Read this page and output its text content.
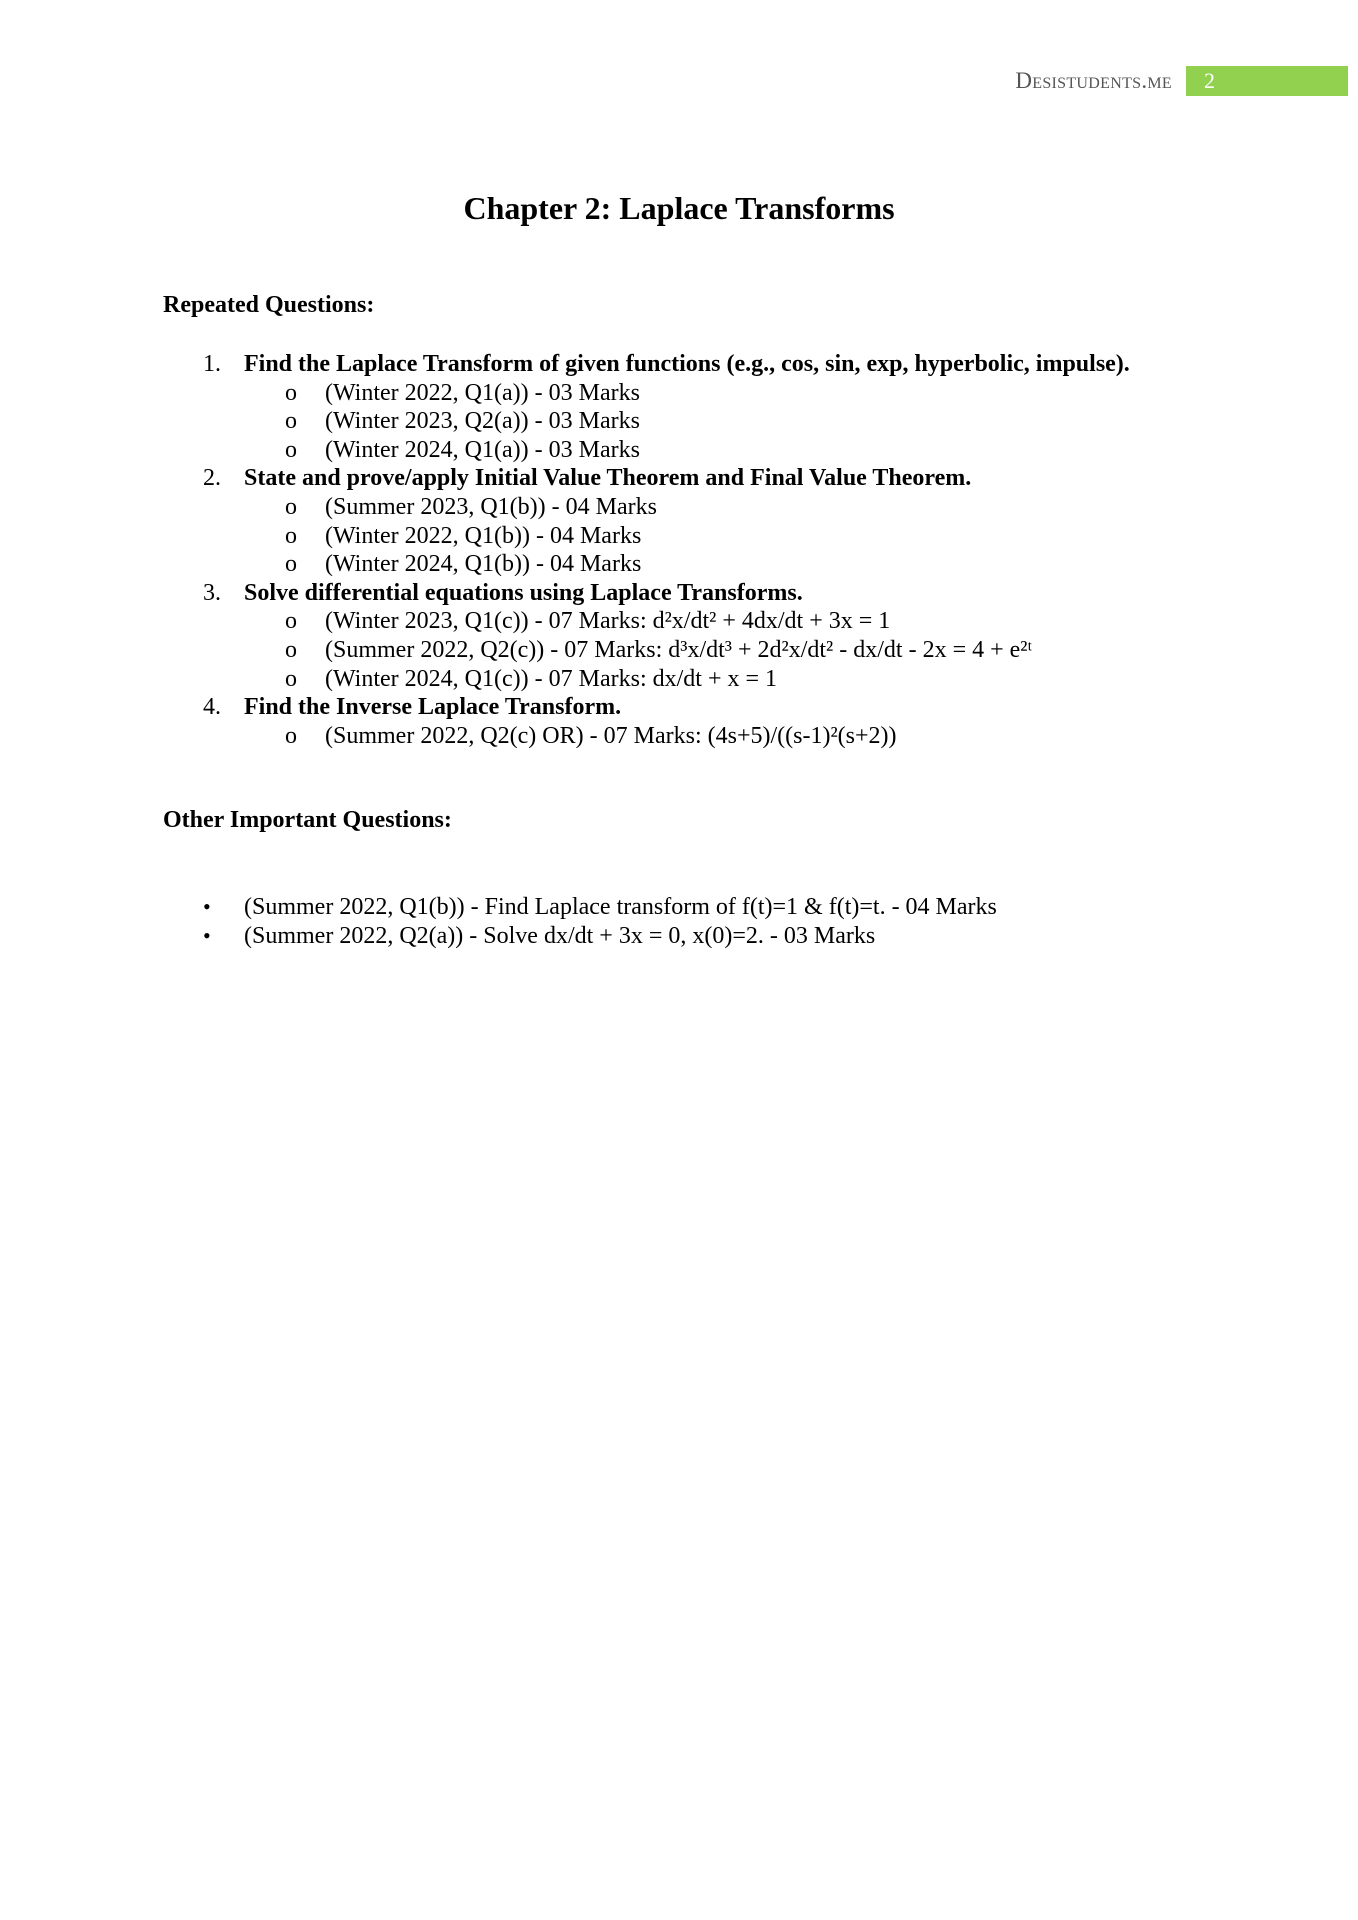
Desistudents.me	2
Chapter 2: Laplace Transforms
Repeated Questions:
1. Find the Laplace Transform of given functions (e.g., cos, sin, exp, hyperbolic, impulse).
o (Winter 2022, Q1(a)) - 03 Marks
o (Winter 2023, Q2(a)) - 03 Marks
o (Winter 2024, Q1(a)) - 03 Marks
2. State and prove/apply Initial Value Theorem and Final Value Theorem.
o (Summer 2023, Q1(b)) - 04 Marks
o (Winter 2022, Q1(b)) - 04 Marks
o (Winter 2024, Q1(b)) - 04 Marks
3. Solve differential equations using Laplace Transforms.
o (Winter 2023, Q1(c)) - 07 Marks: d²x/dt² + 4dx/dt + 3x = 1
o (Summer 2022, Q2(c)) - 07 Marks: d³x/dt³ + 2d²x/dt² - dx/dt - 2x = 4 + e²ᵗ
o (Winter 2024, Q1(c)) - 07 Marks: dx/dt + x = 1
4. Find the Inverse Laplace Transform.
o (Summer 2022, Q2(c) OR) - 07 Marks: (4s+5)/((s-1)²(s+2))
Other Important Questions:
• (Summer 2022, Q1(b)) - Find Laplace transform of f(t)=1 & f(t)=t. - 04 Marks
• (Summer 2022, Q2(a)) - Solve dx/dt + 3x = 0, x(0)=2. - 03 Marks
